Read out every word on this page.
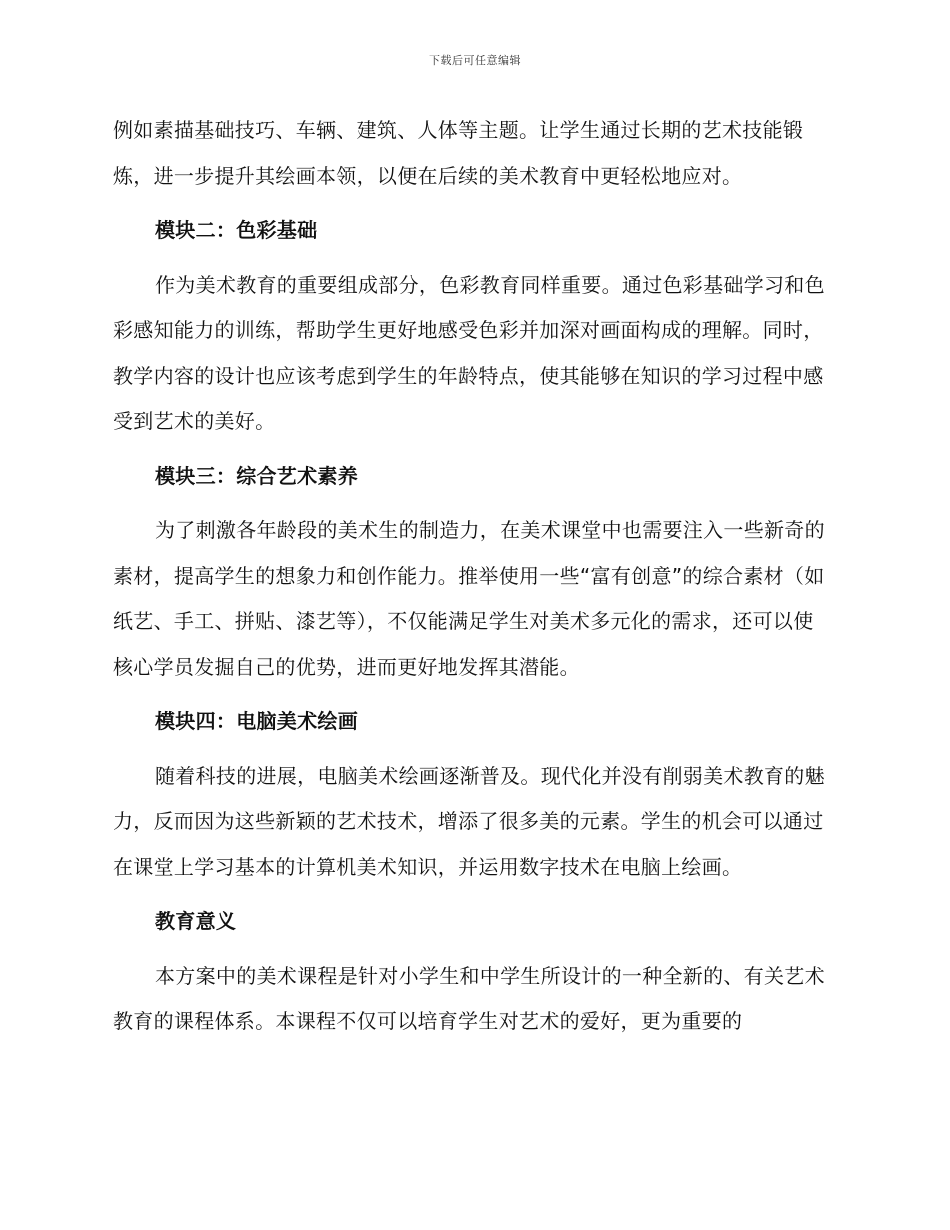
下载后可任意编辑

例如素描基础技巧、车辆、建筑、人体等主题。让学生通过长期的艺术技能锻炼，进一步提升其绘画本领，以便在后续的美术教育中更轻松地应对。

模块二：色彩基础

作为美术教育的重要组成部分，色彩教育同样重要。通过色彩基础学习和色彩感知能力的训练，帮助学生更好地感受色彩并加深对画面构成的理解。同时，教学内容的设计也应该考虑到学生的年龄特点，使其能够在知识的学习过程中感受到艺术的美好。

模块三：综合艺术素养

为了刺激各年龄段的美术生的制造力，在美术课堂中也需要注入一些新奇的素材，提高学生的想象力和创作能力。推举使用一些“富有创意”的综合素材（如纸艺、手工、拼贴、漆艺等），不仅能满足学生对美术多元化的需求，还可以使核心学员发掘自己的优势，进而更好地发挥其潜能。

模块四：电脑美术绘画

随着科技的进展，电脑美术绘画逐渐普及。现代化并没有削弱美术教育的魅力，反而因为这些新颖的艺术技术，增添了很多美的元素。学生的机会可以通过在课堂上学习基本的计算机美术知识，并运用数字技术在电脑上绘画。

教育意义

本方案中的美术课程是针对小学生和中学生所设计的一种全新的、有关艺术教育的课程体系。本课程不仅可以培育学生对艺术的爱好，更为重要的
